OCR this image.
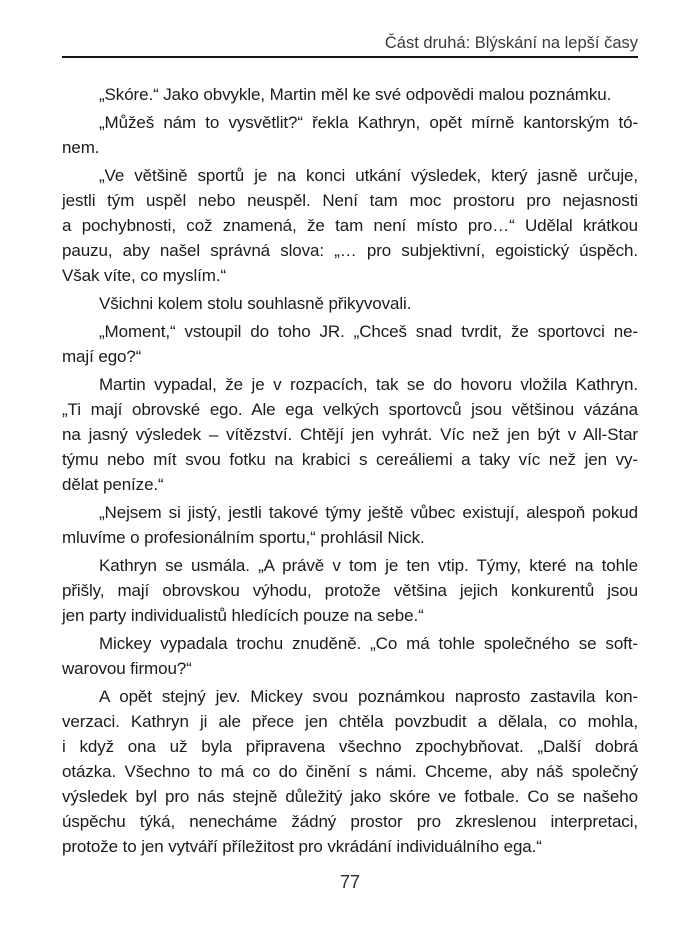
Část druhá: Blýskání na lepší časy
„Skóre.“ Jako obvykle, Martin měl ke své odpovědi malou poznámku.
„Můžeš nám to vysvětlit?“ řekla Kathryn, opět mírně kantorským tó-
nem.
„Ve většině sportů je na konci utkání výsledek, který jasně určuje,
jestli tým uspěl nebo neuspěl. Není tam moc prostoru pro nejasnosti
a pochybnosti, což znamená, že tam není místo pro…“ Udělal krátkou
pauzu, aby našel správná slova: „… pro subjektivní, egoistický úspěch.
Však víte, co myslím.“
Všichni kolem stolu souhlasně přikyvovali.
„Moment,“ vstoupil do toho JR. „Chceš snad tvrdit, že sportovci ne-
mají ego?“
Martin vypadal, že je v rozpacích, tak se do hovoru vložila Kathryn.
„Ti mají obrovské ego. Ale ega velkých sportovců jsou většinou vázána
na jasný výsledek – vítězství. Chtějí jen vyhrát. Víc než jen být v All-Star
týmu nebo mít svou fotku na krabici s cereáliemi a taky víc než jen vy-
dělat peníze.“
„Nejsem si jistý, jestli takové týmy ještě vůbec existují, alespoň pokud
mluvíme o profesionálním sportu,“ prohlásil Nick.
Kathryn se usmála. „A právě v tom je ten vtip. Týmy, které na tohle
přišly, mají obrovskou výhodu, protože většina jejich konkurentů jsou
jen party individualistů hledících pouze na sebe.“
Mickey vypadala trochu znuděně. „Co má tohle společného se soft-
warovou firmou?“
A opět stejný jev. Mickey svou poznámkou naprosto zastavila kon-
verzaci. Kathryn ji ale přece jen chtěla povzbudit a dělala, co mohla,
i když ona už byla připravena všechno zpochybňovat. „Další dobrá
otázka. Všechno to má co do činění s námi. Chceme, aby náš společný
výsledek byl pro nás stejně důležitý jako skóre ve fotbale. Co se našeho
úspěchu týká, nenecháme žádný prostor pro zkreslenou interpretaci,
protože to jen vytváří příležitost pro vkrádání individuálního ega.“
77
